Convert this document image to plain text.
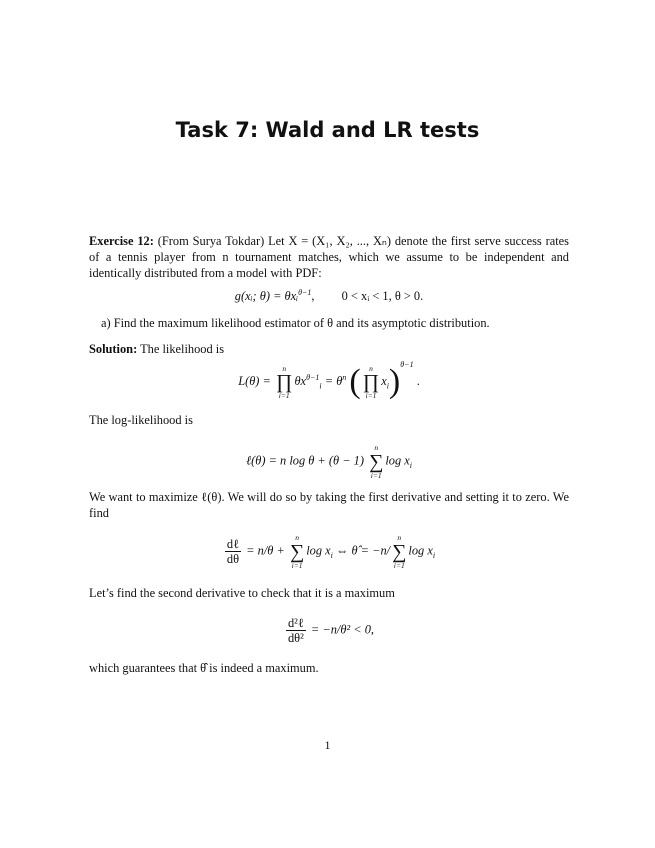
Task 7: Wald and LR tests
Exercise 12: (From Surya Tokdar) Let X = (X₁, X₂, ..., Xₙ) denote the first serve success rates of a tennis player from n tournament matches, which we assume to be independent and identically distributed from a model with PDF:
g(xᵢ; θ) = θxᵢ$^{\theta-1}$, 0 < xᵢ < 1, θ > 0.
a) Find the maximum likelihood estimator of θ and its asymptotic distribution.
Solution: The likelihood is
L(θ) =
n
∏
i=1
$\theta x^{\theta-1}_i = \theta^n$ ( n
∏
i=1
$x_i)^{\theta-1}$ .
The log-likelihood is
ℓ(θ) = n log θ + (θ − 1)
n
∑
i=1
$\log x_i$
We want to maximize ℓ(θ). We will do so by taking the first derivative and setting it to zero. We find
$\frac{\text{dℓ}}{d\theta} = n/\theta$ +
n
∑
i=1
$\log x_i$ ⇔ θ̂ = −n/
n
∑
i=1
$\log x_i$
Let’s find the second derivative to check that it is a maximum
$\frac{\text{d²ℓ}}{\text{dθ²}} = -n/\theta^2 < 0$,
which guarantees that θ̂ is indeed a maximum.
1
